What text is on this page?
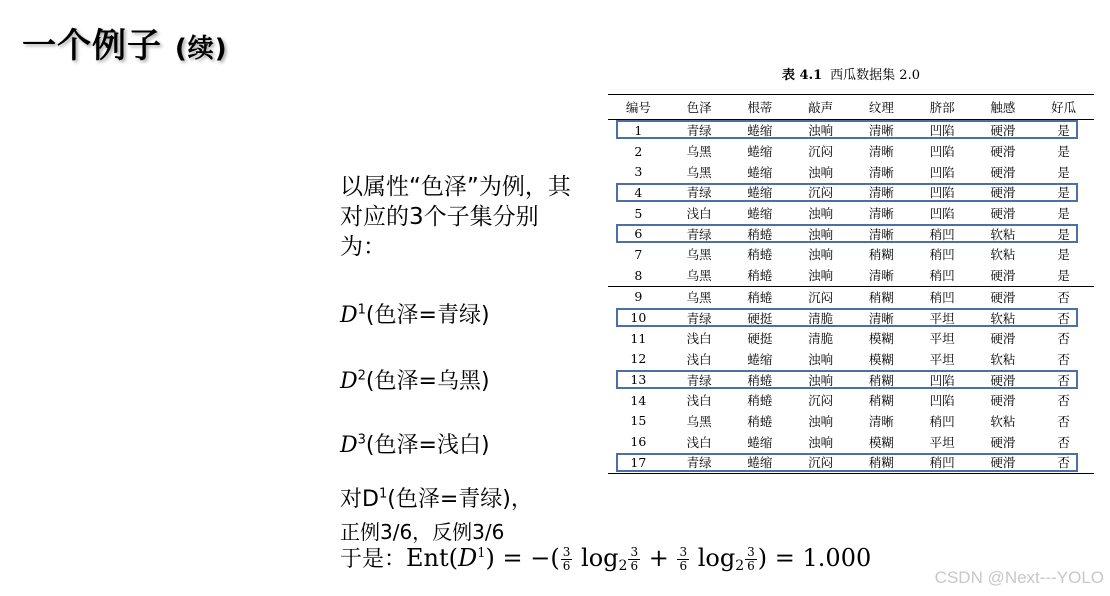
一个例子 (续)
表 4.1 西瓜数据集 2.0
编号	色泽	根蒂	敲声	纹理	脐部	触感	好瓜
1	青绿	蜷缩	浊响	清晰	凹陷	硬滑	是
2	乌黑	蜷缩	沉闷	清晰	凹陷	硬滑	是
3	乌黑	蜷缩	浊响	清晰	凹陷	硬滑	是
4	青绿	蜷缩	沉闷	清晰	凹陷	硬滑	是
5	浅白	蜷缩	浊响	清晰	凹陷	硬滑	是
6	青绿	稍蜷	浊响	清晰	稍凹	软粘	是
7	乌黑	稍蜷	浊响	稍糊	稍凹	软粘	是
8	乌黑	稍蜷	浊响	清晰	稍凹	硬滑	是
9	乌黑	稍蜷	沉闷	稍糊	稍凹	硬滑	否
10	青绿	硬挺	清脆	清晰	平坦	软粘	否
11	浅白	硬挺	清脆	模糊	平坦	硬滑	否
12	浅白	蜷缩	浊响	模糊	平坦	软粘	否
13	青绿	稍蜷	浊响	稍糊	凹陷	硬滑	否
14	浅白	稍蜷	沉闷	稍糊	凹陷	硬滑	否
15	乌黑	稍蜷	浊响	清晰	稍凹	软粘	否
16	浅白	蜷缩	浊响	模糊	平坦	硬滑	否
17	青绿	蜷缩	沉闷	稍糊	稍凹	硬滑	否
以属性“色泽”为例，其对应的3个子集分别为：
$D^1$(色泽=青绿)
$D^2$(色泽=乌黑)
$D^3$(色泽=浅白)
对$D^1$(色泽=青绿)，
正例3/6，反例3/6
于是：$Ent(D^1)$ = −( $\frac{3}{6} \log 2 \frac{3}{6} + \frac{3}{6} \log 2 \frac{3}{6}$ ) = 1.000
CSDN @Next---YOLO
